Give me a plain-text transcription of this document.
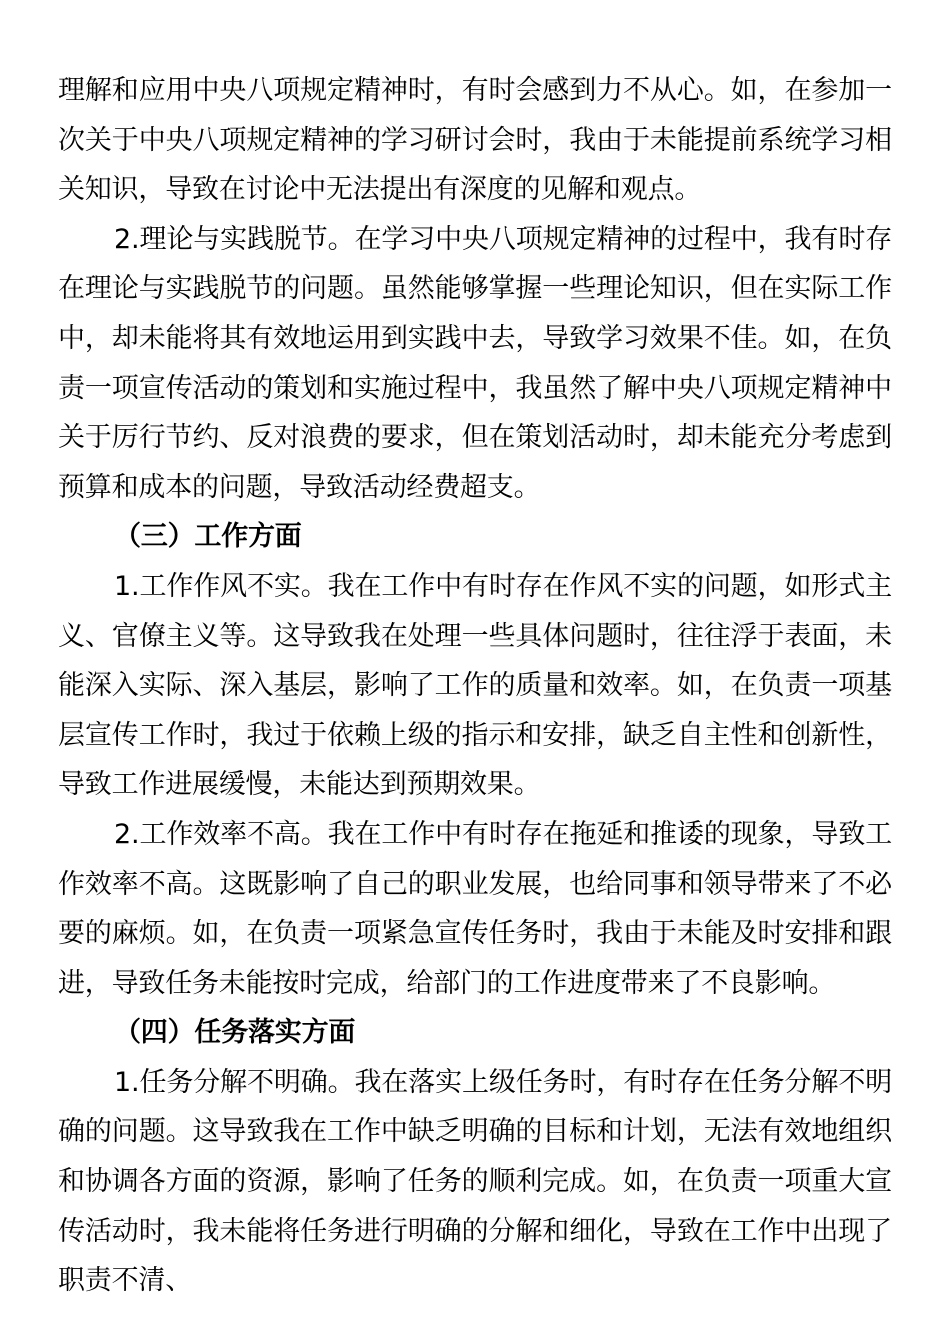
理解和应用中央八项规定精神时，有时会感到力不从心。如，在参加一次关于中央八项规定精神的学习研讨会时，我由于未能提前系统学习相关知识，导致在讨论中无法提出有深度的见解和观点。

2.理论与实践脱节。在学习中央八项规定精神的过程中，我有时存在理论与实践脱节的问题。虽然能够掌握一些理论知识，但在实际工作中，却未能将其有效地运用到实践中去，导致学习效果不佳。如，在负责一项宣传活动的策划和实施过程中，我虽然了解中央八项规定精神中关于厉行节约、反对浪费的要求，但在策划活动时，却未能充分考虑到预算和成本的问题，导致活动经费超支。

（三）工作方面

1.工作作风不实。我在工作中有时存在作风不实的问题，如形式主义、官僚主义等。这导致我在处理一些具体问题时，往往浮于表面，未能深入实际、深入基层，影响了工作的质量和效率。如，在负责一项基层宣传工作时，我过于依赖上级的指示和安排，缺乏自主性和创新性，导致工作进展缓慢，未能达到预期效果。

2.工作效率不高。我在工作中有时存在拖延和推诿的现象，导致工作效率不高。这既影响了自己的职业发展，也给同事和领导带来了不必要的麻烦。如，在负责一项紧急宣传任务时，我由于未能及时安排和跟进，导致任务未能按时完成，给部门的工作进度带来了不良影响。

（四）任务落实方面

1.任务分解不明确。我在落实上级任务时，有时存在任务分解不明确的问题。这导致我在工作中缺乏明确的目标和计划，无法有效地组织和协调各方面的资源，影响了任务的顺利完成。如，在负责一项重大宣传活动时，我未能将任务进行明确的分解和细化，导致在工作中出现了职责不清、
